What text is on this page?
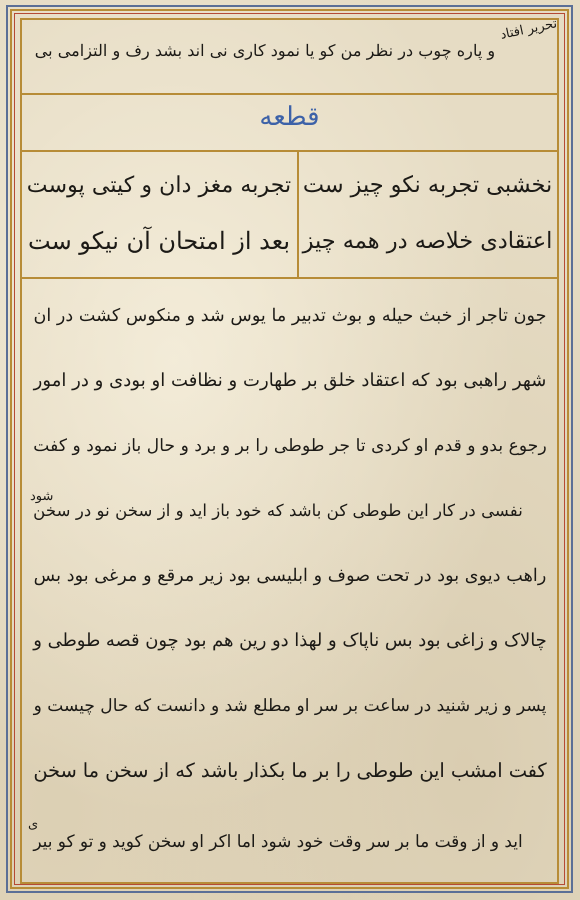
و پاره چوب در نظر من کو یا نمود کاری نی اند بشد رف و التزامی بی
تحریر افتاد
قطعه
نخشبی تجربه نکو چیز ست
اعتقادی خلاصه در همه چیز
تجربه مغز دان و کیتی پوست
بعد از امتحان آن نیکو ست
جون تاجر از خبث حیله و بوث تدبیر ما یوس شد و منکوس کشت در ان
شهر راهبی بود که اعتقاد خلق بر طهارت و نظافت او بودی و در امور
رجوع بدو و قدم او کردی تا جر طوطی را بر و برد و حال باز نمود و کفت
نفسی در کار این طوطی کن باشد که خود باز اید و از سخن نو در سخن
راهب دیوی بود در تحت صوف و ابلیسی بود زیر مرقع و مرغی بود بس
چالاک و زاغی بود بس ناپاک و لهذا دو رین هم بود چون قصه طوطی و
پسر و زیر شنید در ساعت بر سر او مطلع شد و دانست که حال چیست و
کفت امشب این طوطی را بر ما بکذار باشد که از سخن ما سخن
اید و از وقت ما بر سر وقت خود شود اما اکر او سخن کوید و تو کو بیر
شود
ی
